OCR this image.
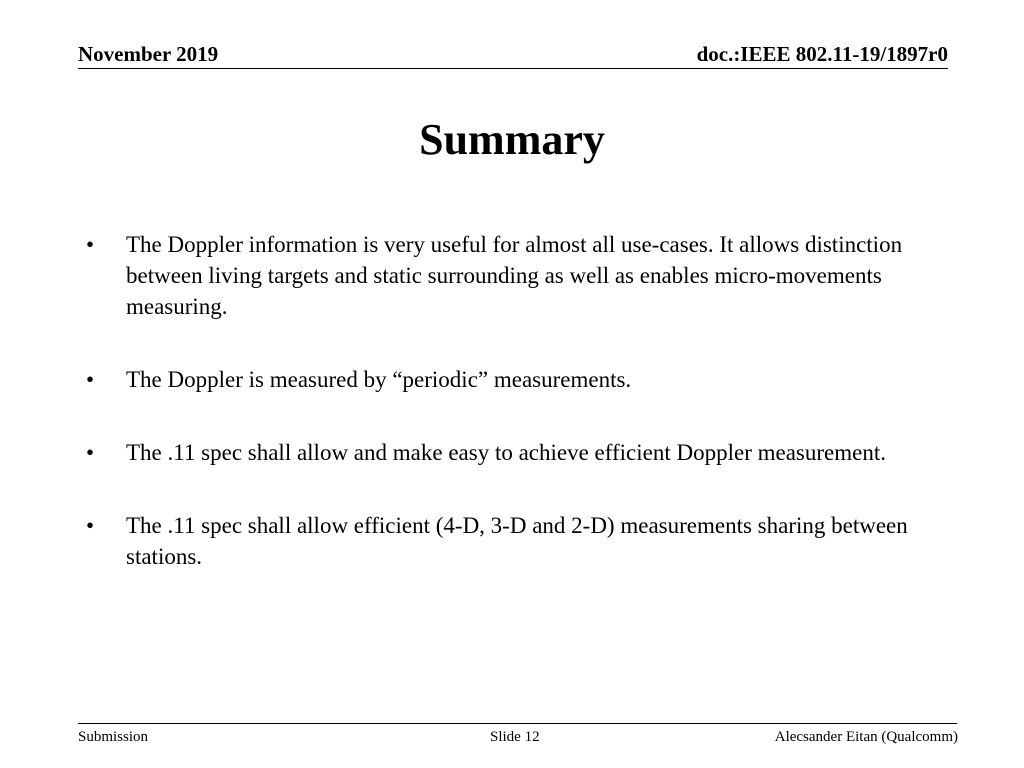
November 2019	doc.:IEEE 802.11-19/1897r0
Summary
• The Doppler information is very useful for almost all use-cases. It allows distinction between living targets and static surrounding as well as enables micro-movements measuring.
• The Doppler is measured by “periodic” measurements.
• The .11 spec shall allow and make easy to achieve efficient Doppler measurement.
• The .11 spec shall allow efficient (4-D, 3-D and 2-D) measurements sharing between stations.
Submission	Slide 12	Alecsander Eitan (Qualcomm)
